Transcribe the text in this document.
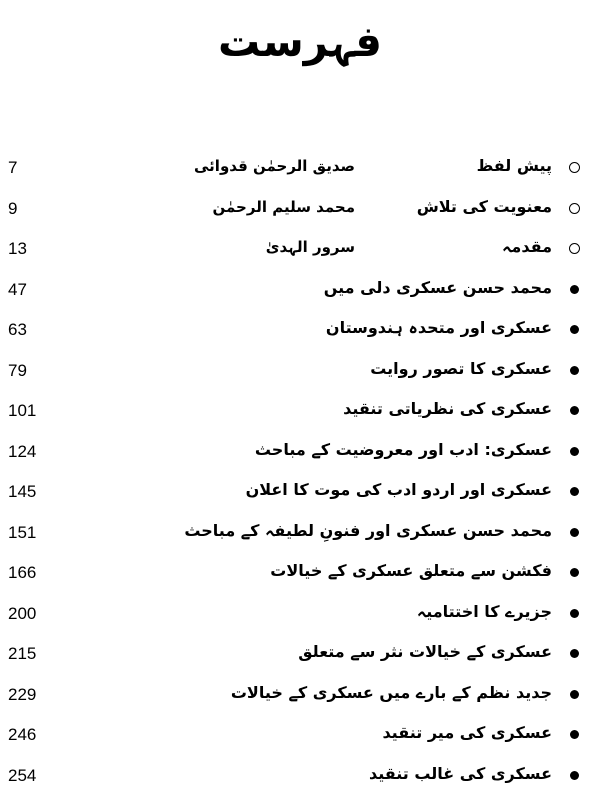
فہرست
7	صدیق الرحمٰن قدوائی	پیش لفظ
9	محمد سلیم الرحمٰن	معنویت کی تلاش
13	سرور الہدیٰ	مقدمہ
47	محمد حسن عسکری دلی میں
63	عسکری اور متحدہ ہندوستان
79	عسکری کا تصور روایت
101	عسکری کی نظریاتی تنقید
124	عسکری: ادب اور معروضیت کے مباحث
145	عسکری اور اردو ادب کی موت کا اعلان
151	محمد حسن عسکری اور فنونِ لطیفہ کے مباحث
166	فکشن سے متعلق عسکری کے خیالات
200	جزیرے کا اختتامیہ
215	عسکری کے خیالات نثر سے متعلق
229	جدید نظم کے بارے میں عسکری کے خیالات
246	عسکری کی میر تنقید
254	عسکری کی غالب تنقید
